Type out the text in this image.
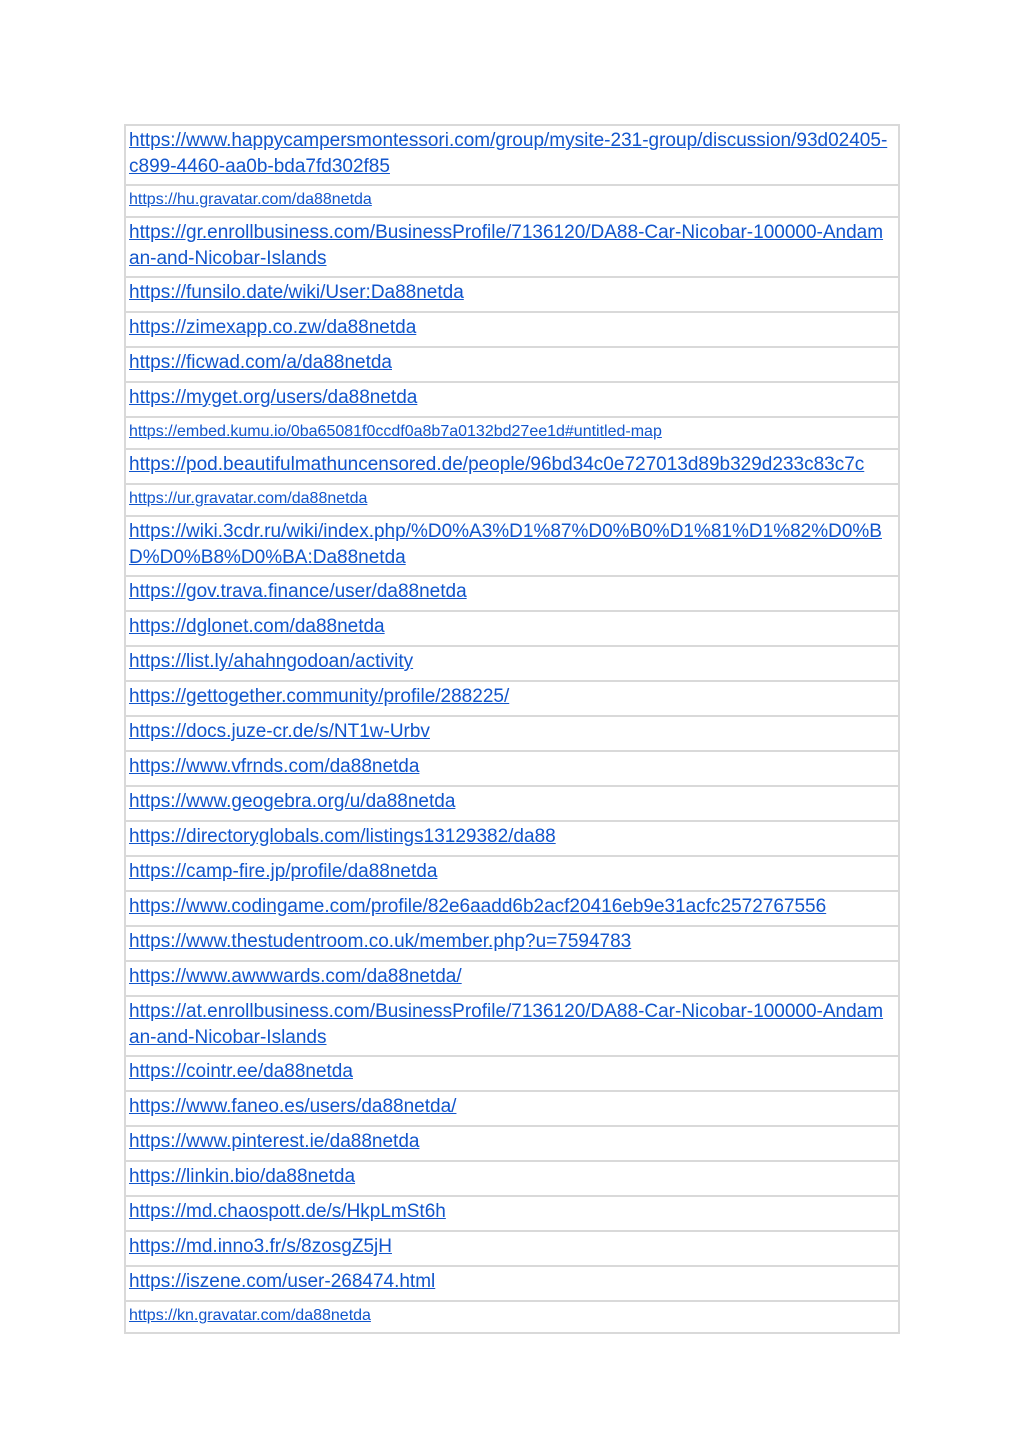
https://www.happycampersmontessori.com/group/mysite-231-group/discussion/93d02405-c899-4460-aa0b-bda7fd302f85
https://hu.gravatar.com/da88netda
https://gr.enrollbusiness.com/BusinessProfile/7136120/DA88-Car-Nicobar-100000-Andaman-and-Nicobar-Islands
https://funsilo.date/wiki/User:Da88netda
https://zimexapp.co.zw/da88netda
https://ficwad.com/a/da88netda
https://myget.org/users/da88netda
https://embed.kumu.io/0ba65081f0ccdf0a8b7a0132bd27ee1d#untitled-map
https://pod.beautifulmathuncensored.de/people/96bd34c0e727013d89b329d233c83c7c
https://ur.gravatar.com/da88netda
https://wiki.3cdr.ru/wiki/index.php/%D0%A3%D1%87%D0%B0%D1%81%D1%82%D0%BD%D0%B8%D0%BA:Da88netda
https://gov.trava.finance/user/da88netda
https://dglonet.com/da88netda
https://list.ly/ahahngodoan/activity
https://gettogether.community/profile/288225/
https://docs.juze-cr.de/s/NT1w-Urbv
https://www.vfrnds.com/da88netda
https://www.geogebra.org/u/da88netda
https://directoryglobals.com/listings13129382/da88
https://camp-fire.jp/profile/da88netda
https://www.codingame.com/profile/82e6aadd6b2acf20416eb9e31acfc2572767556
https://www.thestudentroom.co.uk/member.php?u=7594783
https://www.awwwards.com/da88netda/
https://at.enrollbusiness.com/BusinessProfile/7136120/DA88-Car-Nicobar-100000-Andaman-and-Nicobar-Islands
https://cointr.ee/da88netda
https://www.faneo.es/users/da88netda/
https://www.pinterest.ie/da88netda
https://linkin.bio/da88netda
https://md.chaospott.de/s/HkpLmSt6h
https://md.inno3.fr/s/8zosgZ5jH
https://iszene.com/user-268474.html
https://kn.gravatar.com/da88netda
